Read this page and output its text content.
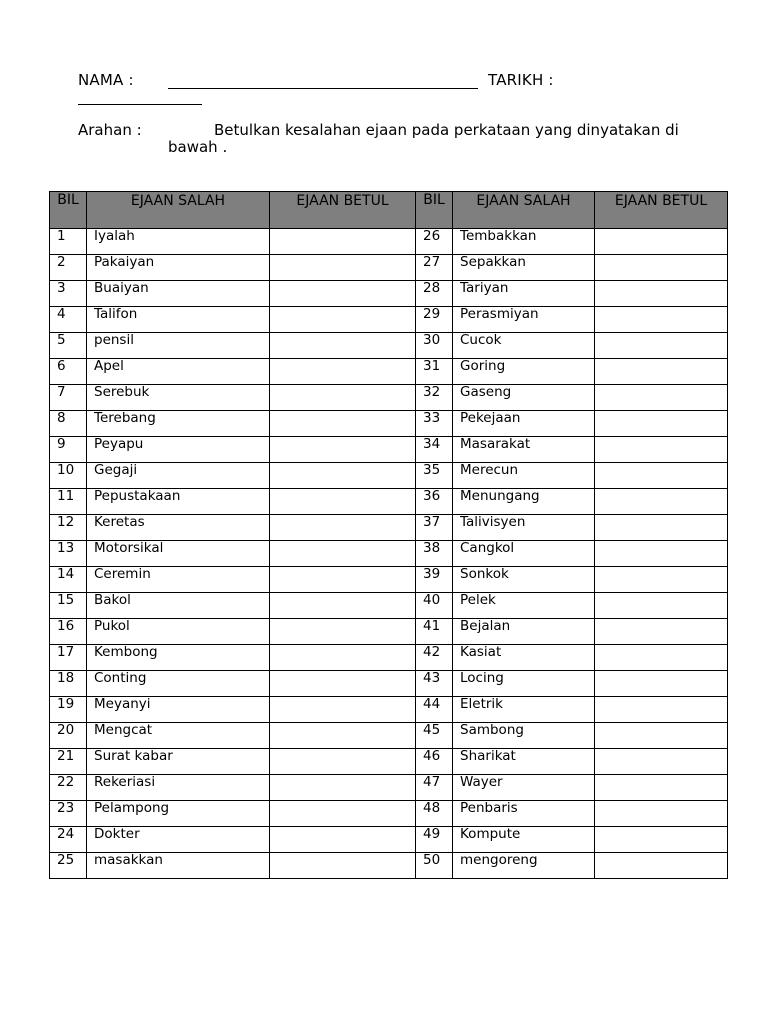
NAMA :	TARIKH :
Arahan :	Betulkan kesalahan ejaan pada perkataan yang dinyatakan di
bawah .
BIL	EJAAN SALAH	EJAAN BETUL	BIL	EJAAN SALAH	EJAAN BETUL
1	Iyalah		26	Tembakkan	
2	Pakaiyan		27	Sepakkan	
3	Buaiyan		28	Tariyan	
4	Talifon		29	Perasmiyan	
5	pensil		30	Cucok	
6	Apel		31	Goring	
7	Serebuk		32	Gaseng	
8	Terebang		33	Pekejaan	
9	Peyapu		34	Masarakat	
10	Gegaji		35	Merecun	
11	Pepustakaan		36	Menungang	
12	Keretas		37	Talivisyen	
13	Motorsikal		38	Cangkol	
14	Ceremin		39	Sonkok	
15	Bakol		40	Pelek	
16	Pukol		41	Bejalan	
17	Kembong		42	Kasiat	
18	Conting		43	Locing	
19	Meyanyi		44	Eletrik	
20	Mengcat		45	Sambong	
21	Surat kabar		46	Sharikat	
22	Rekeriasi		47	Wayer	
23	Pelampong		48	Penbaris	
24	Dokter		49	Kompute	
25	masakkan		50	mengoreng	
